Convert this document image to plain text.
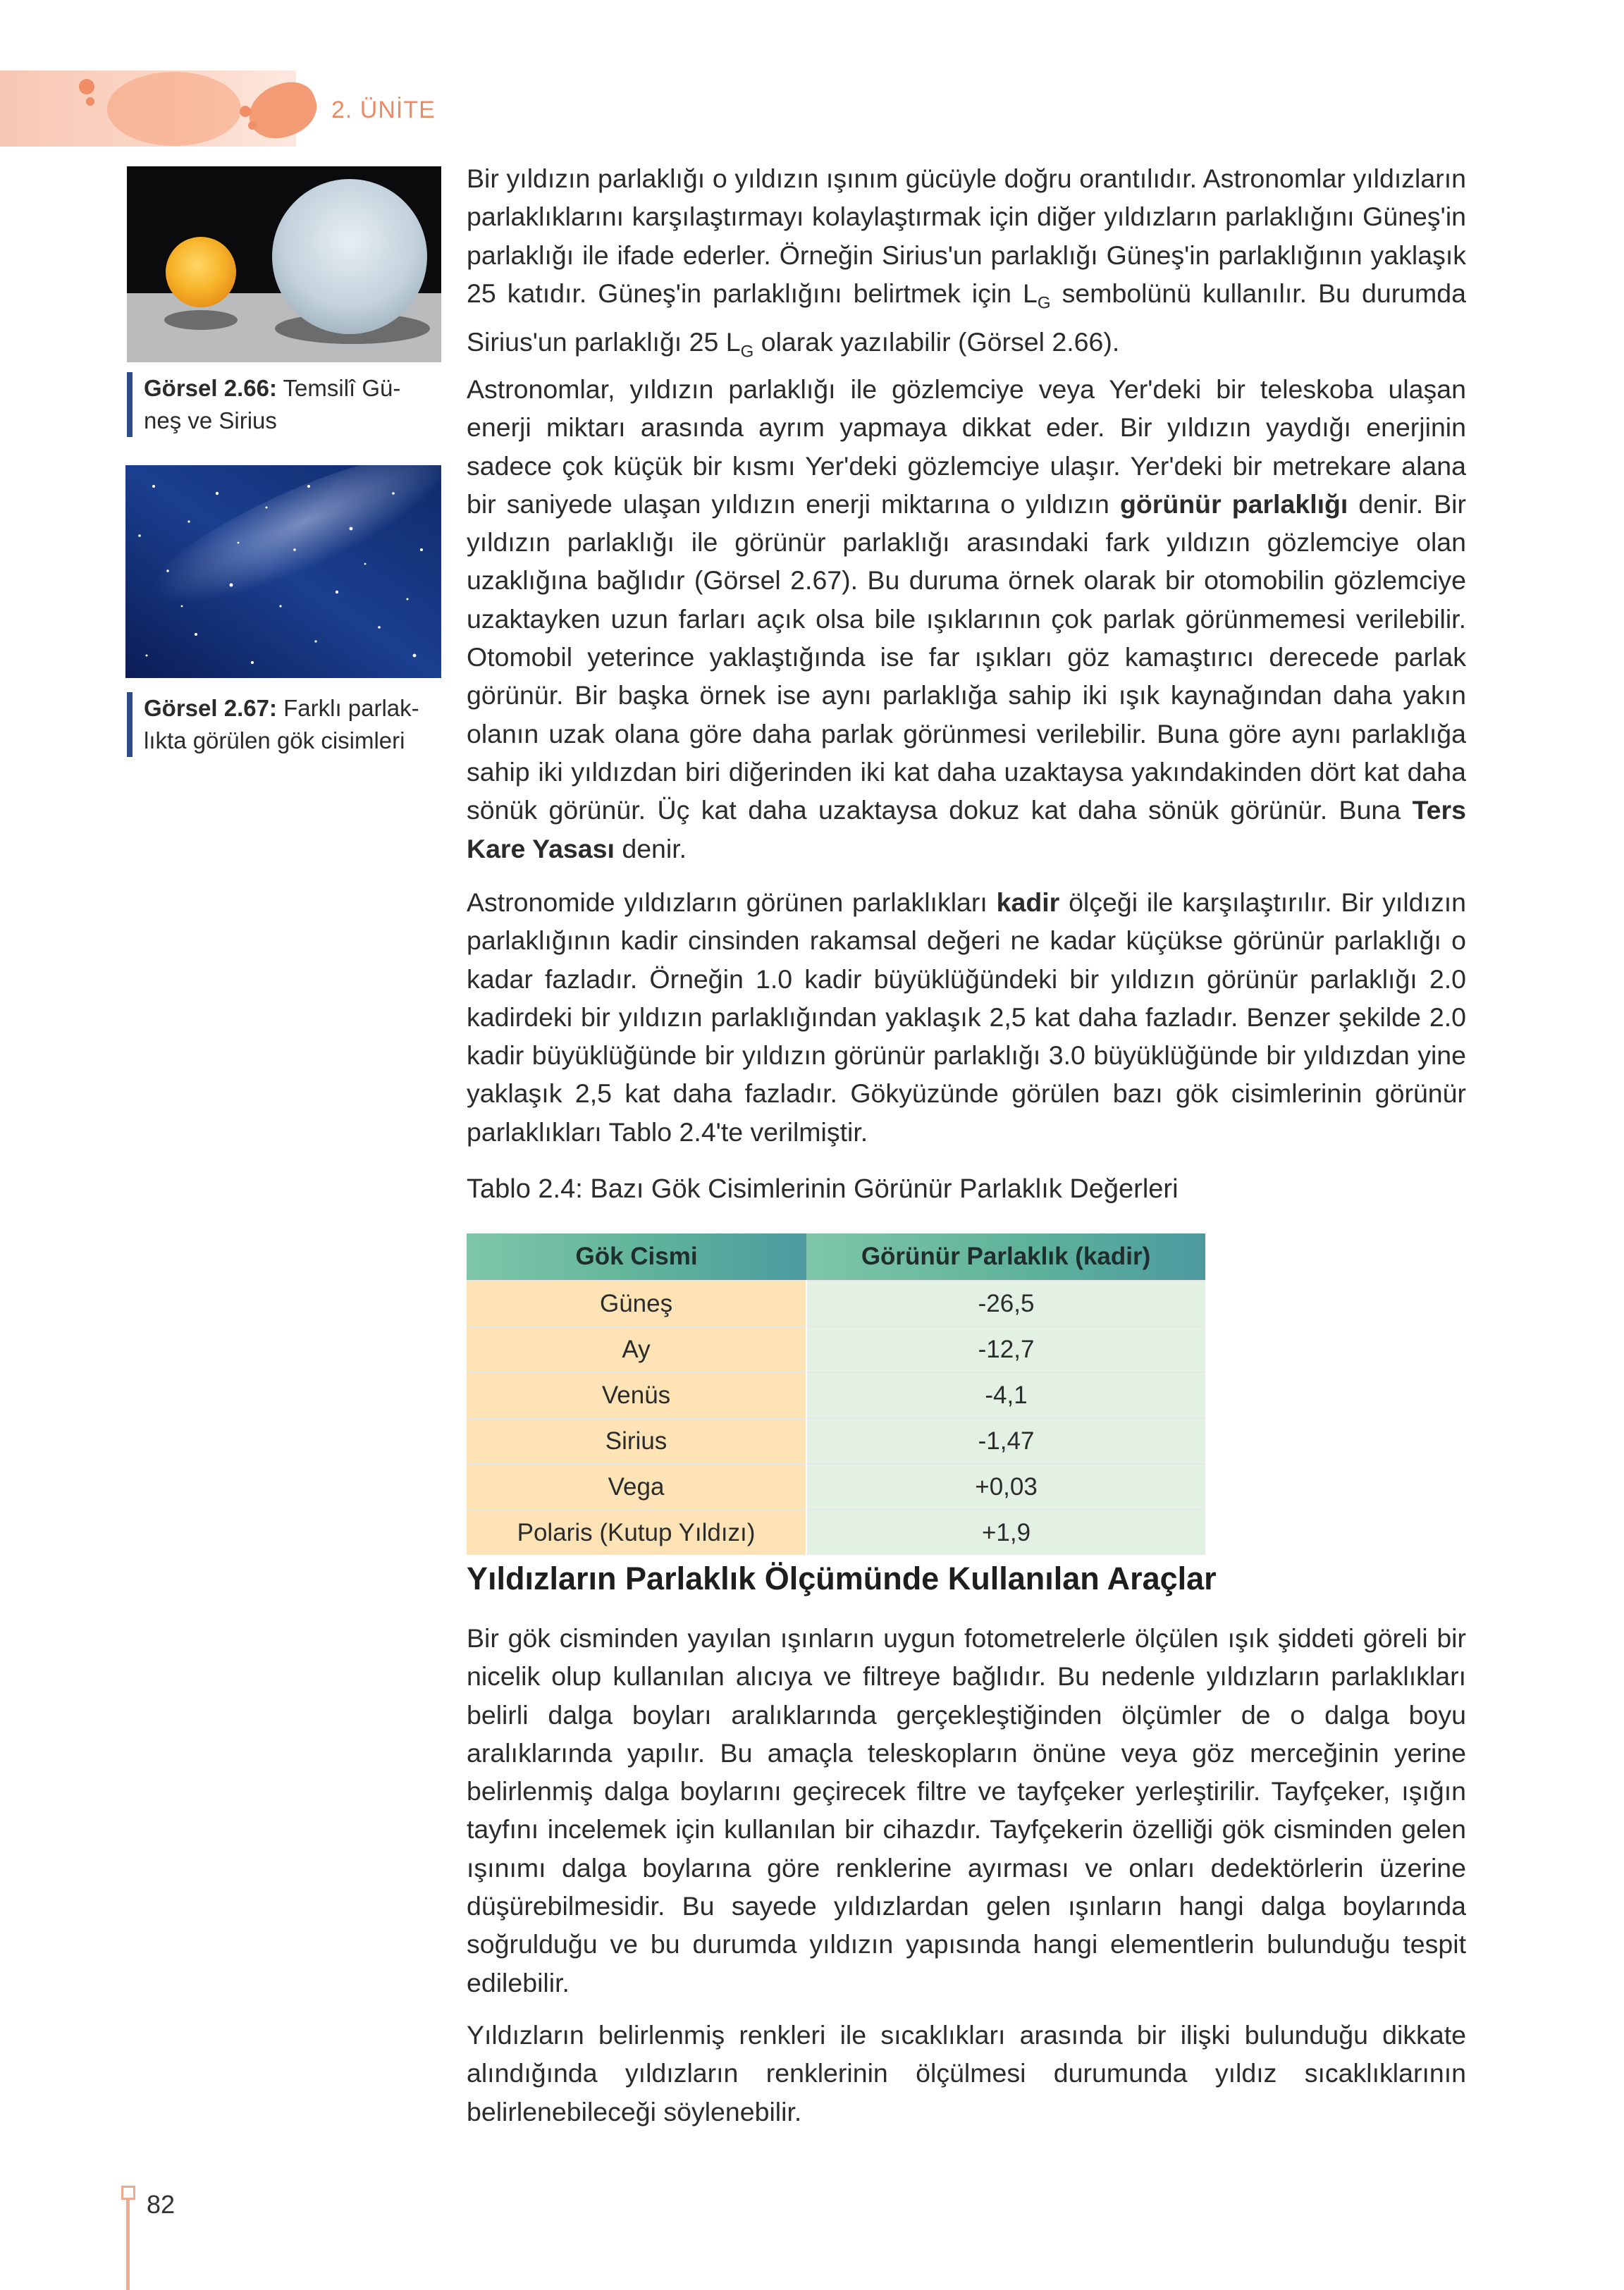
2. ÜNİTE
Görsel 2.66: Temsilî Gü-
neş ve Sirius
Görsel 2.67: Farklı parlak-
lıkta görülen gök cisimleri

Bir yıldızın parlaklığı o yıldızın ışınım gücüyle doğru orantılıdır. Astronomlar yıldızların parlaklıklarını karşılaştırmayı kolaylaştırmak için diğer yıldızların parlaklığını Güneş'in parlaklığı ile ifade ederler. Örneğin Sirius'un parlaklığı Güneş'in parlaklığının yaklaşık 25 katıdır. Güneş'in parlaklığını belirtmek için $L_G$ sembolünü kullanılır. Bu durumda Sirius'un parlaklığı 25 $L_G$ olarak yazılabilir (Görsel 2.66).

Astronomlar, yıldızın parlaklığı ile gözlemciye veya Yer'deki bir teleskoba ulaşan enerji miktarı arasında ayrım yapmaya dikkat eder. Bir yıldızın yaydığı enerjinin sadece çok küçük bir kısmı Yer'deki gözlemciye ulaşır. Yer'deki bir metrekare alana bir saniyede ulaşan yıldızın enerji miktarına o yıldızın görünür parlaklığı denir. Bir yıldızın parlaklığı ile görünür parlaklığı arasındaki fark yıldızın gözlemciye olan uzaklığına bağlıdır (Görsel 2.67). Bu duruma örnek olarak bir otomobilin gözlemciye uzaktayken uzun farları açık olsa bile ışıklarının çok parlak görünmemesi verilebilir. Otomobil yeterince yaklaştığında ise far ışıkları göz kamaştırıcı derecede parlak görünür. Bir başka örnek ise aynı parlaklığa sahip iki ışık kaynağından daha yakın olanın uzak olana göre daha parlak görünmesi verilebilir. Buna göre aynı parlaklığa sahip iki yıldızdan biri diğerinden iki kat daha uzaktaysa yakındakinden dört kat daha sönük görünür. Üç kat daha uzaktaysa dokuz kat daha sönük görünür. Buna Ters Kare Yasası denir.

Astronomide yıldızların görünen parlaklıkları kadir ölçeği ile karşılaştırılır. Bir yıldızın parlaklığının kadir cinsinden rakamsal değeri ne kadar küçükse görünür parlaklığı o kadar fazladır. Örneğin 1.0 kadir büyüklüğündeki bir yıldızın görünür parlaklığı 2.0 kadirdeki bir yıldızın parlaklığından yaklaşık 2,5 kat daha fazladır. Benzer şekilde 2.0 kadir büyüklüğünde bir yıldızın görünür parlaklığı 3.0 büyüklüğünde bir yıldızdan yine yaklaşık 2,5 kat daha fazladır. Gökyüzünde görülen bazı gök cisimlerinin görünür parlaklıkları Tablo 2.4'te verilmiştir.

Tablo 2.4: Bazı Gök Cisimlerinin Görünür Parlaklık Değerleri
Gök Cismi	Görünür Parlaklık (kadir)
Güneş	-26,5
Ay	-12,7
Venüs	-4,1
Sirius	-1,47
Vega	+0,03
Polaris (Kutup Yıldızı)	+1,9
Yıldızların Parlaklık Ölçümünde Kullanılan Araçlar

Bir gök cisminden yayılan ışınların uygun fotometrelerle ölçülen ışık şiddeti göreli bir nicelik olup kullanılan alıcıya ve filtreye bağlıdır. Bu nedenle yıldızların parlaklıkları belirli dalga boyları aralıklarında gerçekleştiğinden ölçümler de o dalga boyu aralıklarında yapılır. Bu amaçla teleskopların önüne veya göz merceğinin yerine belirlenmiş dalga boylarını geçirecek filtre ve tayfçeker yerleştirilir. Tayfçeker, ışığın tayfını incelemek için kullanılan bir cihazdır. Tayfçekerin özelliği gök cisminden gelen ışınımı dalga boylarına göre renklerine ayırması ve onları dedektörlerin üzerine düşürebilmesidir. Bu sayede yıldızlardan gelen ışınların hangi dalga boylarında soğrulduğu ve bu durumda yıldızın yapısında hangi elementlerin bulunduğu tespit edilebilir.

Yıldızların belirlenmiş renkleri ile sıcaklıkları arasında bir ilişki bulunduğu dikkate alındığında yıldızların renklerinin ölçülmesi durumunda yıldız sıcaklıklarının belirlenebileceği söylenebilir.

82
